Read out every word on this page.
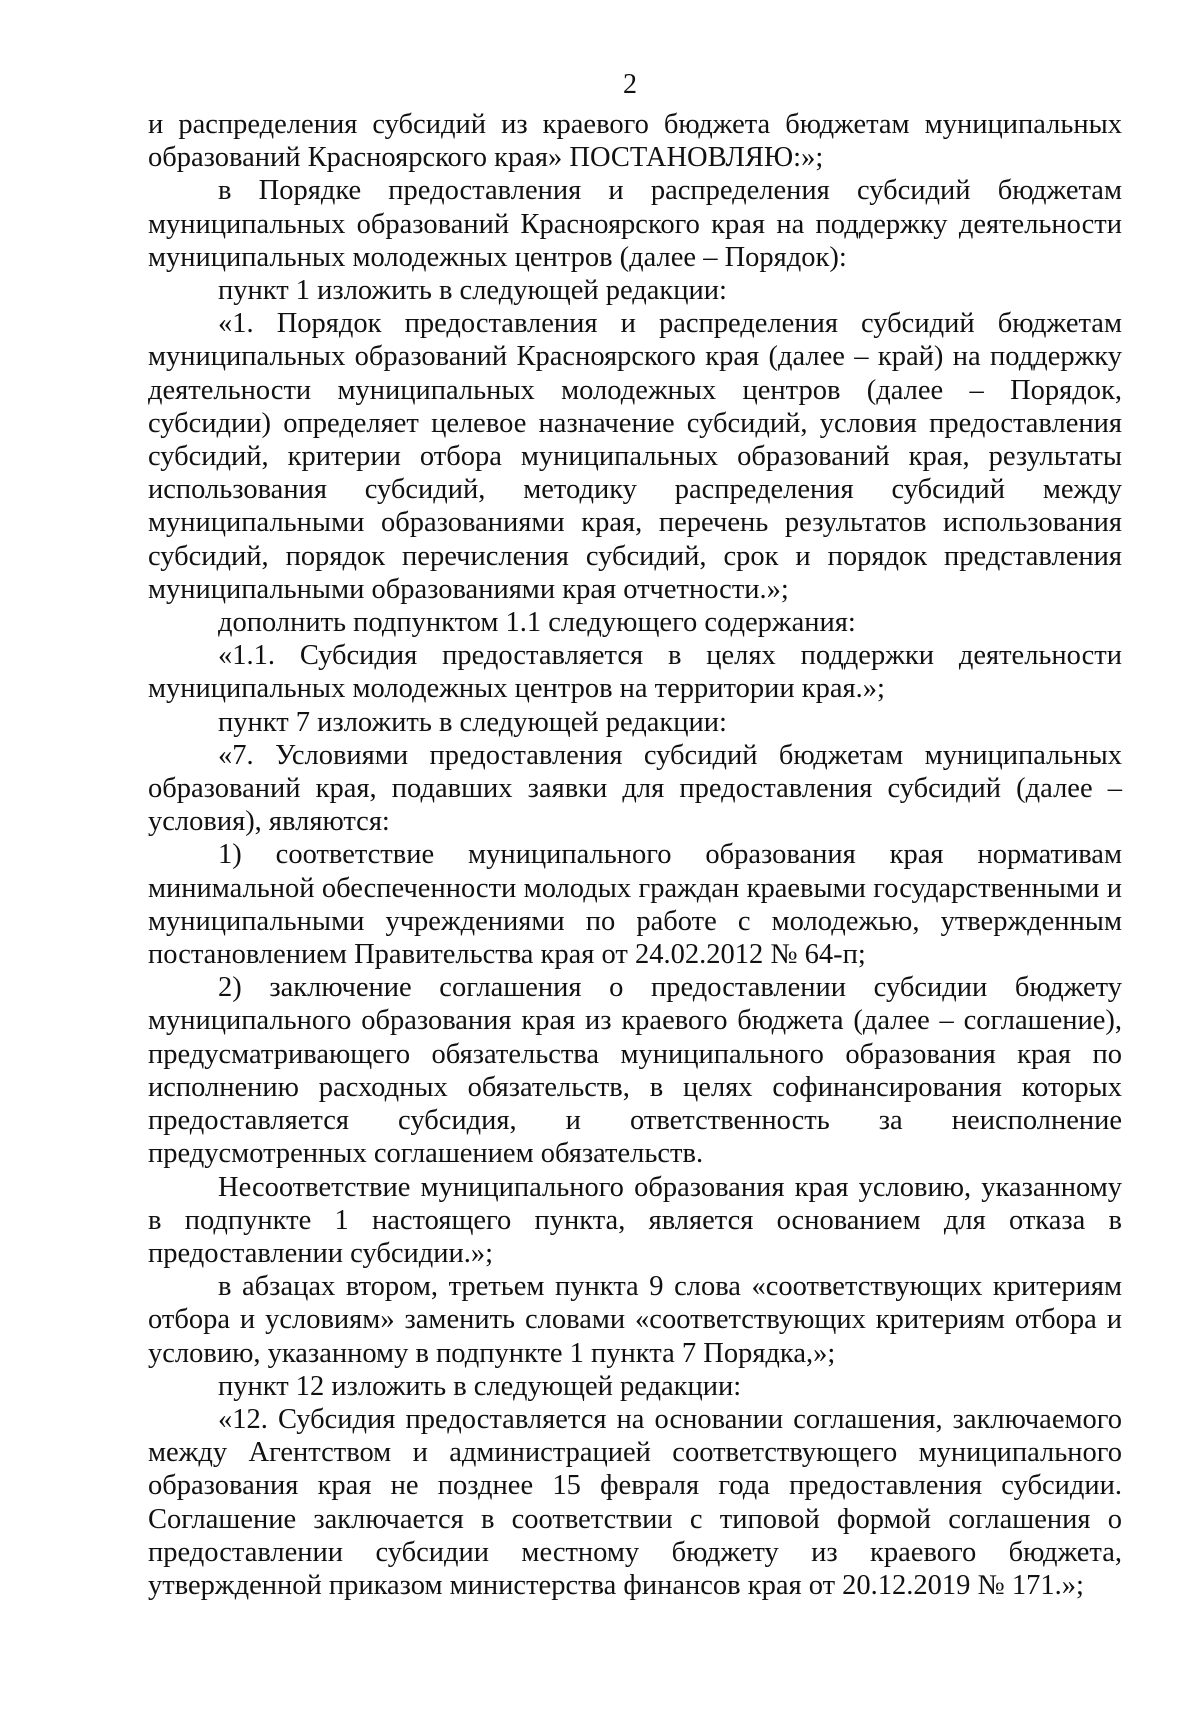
2

и распределения субсидий из краевого бюджета бюджетам муниципальных образований Красноярского края» ПОСТАНОВЛЯЮ:»;

в Порядке предоставления и распределения субсидий бюджетам муниципальных образований Красноярского края на поддержку деятельности муниципальных молодежных центров (далее – Порядок):

пункт 1 изложить в следующей редакции:

«1. Порядок предоставления и распределения субсидий бюджетам муниципальных образований Красноярского края (далее – край) на поддержку деятельности муниципальных молодежных центров (далее – Порядок, субсидии) определяет целевое назначение субсидий, условия предоставления субсидий, критерии отбора муниципальных образований края, результаты использования субсидий, методику распределения субсидий между муниципальными образованиями края, перечень результатов использования субсидий, порядок перечисления субсидий, срок и порядок представления муниципальными образованиями края отчетности.»;

дополнить подпунктом 1.1 следующего содержания:

«1.1. Субсидия предоставляется в целях поддержки деятельности муниципальных молодежных центров на территории края.»;

пункт 7 изложить в следующей редакции:

«7. Условиями предоставления субсидий бюджетам муниципальных образований края, подавших заявки для предоставления субсидий (далее – условия), являются:

1) соответствие муниципального образования края нормативам минимальной обеспеченности молодых граждан краевыми государственными и муниципальными учреждениями по работе с молодежью, утвержденным постановлением Правительства края от 24.02.2012 № 64-п;

2) заключение соглашения о предоставлении субсидии бюджету муниципального образования края из краевого бюджета (далее – соглашение), предусматривающего обязательства муниципального образования края по исполнению расходных обязательств, в целях софинансирования которых предоставляется субсидия, и ответственность за неисполнение предусмотренных соглашением обязательств.

Несоответствие муниципального образования края условию, указанному в подпункте 1 настоящего пункта, является основанием для отказа в предоставлении субсидии.»;

в абзацах втором, третьем пункта 9 слова «соответствующих критериям отбора и условиям» заменить словами «соответствующих критериям отбора и условию, указанному в подпункте 1 пункта 7 Порядка,»;

пункт 12 изложить в следующей редакции:

«12. Субсидия предоставляется на основании соглашения, заключаемого между Агентством и администрацией соответствующего муниципального образования края не позднее 15 февраля года предоставления субсидии. Соглашение заключается в соответствии с типовой формой соглашения о предоставлении субсидии местному бюджету из краевого бюджета, утвержденной приказом министерства финансов края от 20.12.2019 № 171.»;
